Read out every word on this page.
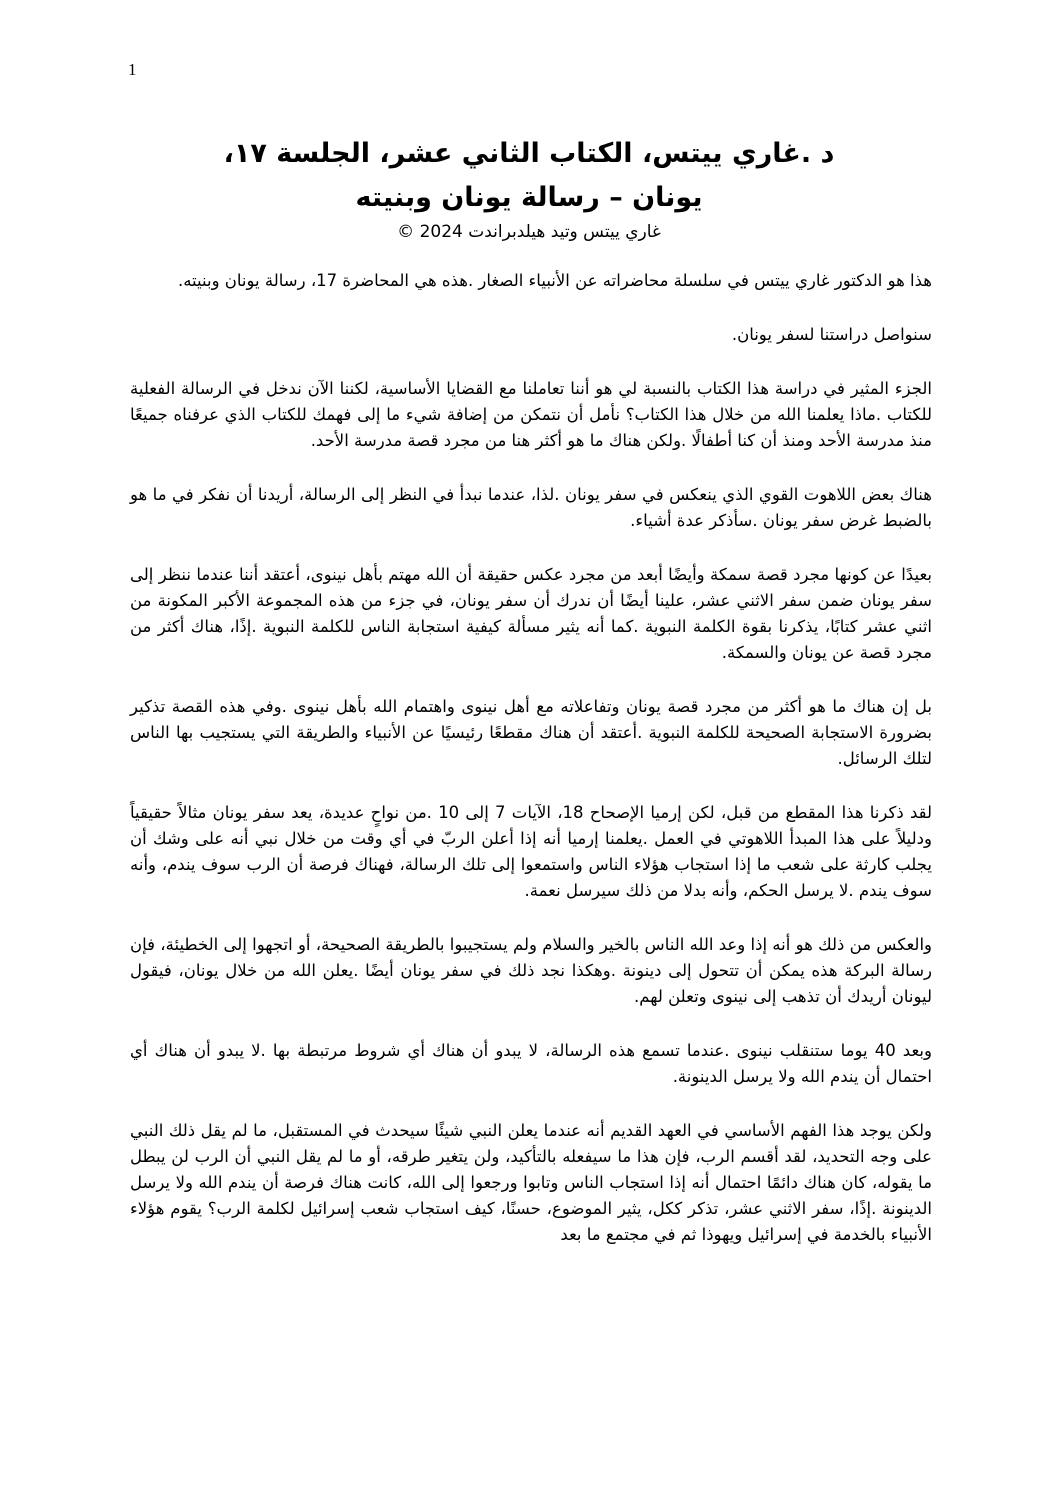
1
د .غاري ييتس، الكتاب الثاني عشر، الجلسة ١٧،
يونان – رسالة يونان وبنيته
غاري ييتس وتيد هيلدبراندت 2024 ©

هذا هو الدكتور غاري ييتس في سلسلة محاضراته عن الأنبياء الصغار .هذه هي المحاضرة 17، رسالة يونان وبنيته.

سنواصل دراستنا لسفر يونان.

الجزء المثير في دراسة هذا الكتاب بالنسبة لي هو أننا تعاملنا مع القضايا الأساسية، لكننا الآن ندخل في الرسالة الفعلية للكتاب .ماذا يعلمنا الله من خلال هذا الكتاب؟ نأمل أن نتمكن من إضافة شيء ما إلى فهمك للكتاب الذي عرفناه جميعًا منذ مدرسة الأحد ومنذ أن كنا أطفالًا .ولكن هناك ما هو أكثر هنا من مجرد قصة مدرسة الأحد.

هناك بعض اللاهوت القوي الذي ينعكس في سفر يونان .لذا، عندما نبدأ في النظر إلى الرسالة، أريدنا أن نفكر في ما هو بالضبط غرض سفر يونان .سأذكر عدة أشياء.

بعيدًا عن كونها مجرد قصة سمكة وأيضًا أبعد من مجرد عكس حقيقة أن الله مهتم بأهل نينوى، أعتقد أننا عندما ننظر إلى سفر يونان ضمن سفر الاثني عشر، علينا أيضًا أن ندرك أن سفر يونان، في جزء من هذه المجموعة الأكبر المكونة من اثني عشر كتابًا، يذكرنا بقوة الكلمة النبوية .كما أنه يثير مسألة كيفية استجابة الناس للكلمة النبوية .إذًا، هناك أكثر من مجرد قصة عن يونان والسمكة.

بل إن هناك ما هو أكثر من مجرد قصة يونان وتفاعلاته مع أهل نينوى واهتمام الله بأهل نينوى .وفي هذه القصة تذكير بضرورة الاستجابة الصحيحة للكلمة النبوية .أعتقد أن هناك مقطعًا رئيسيًا عن الأنبياء والطريقة التي يستجيب بها الناس لتلك الرسائل.

لقد ذكرنا هذا المقطع من قبل، لكن إرميا الإصحاح 18، الآيات 7 إلى 10 .من نواحٍ عديدة، يعد سفر يونان مثالاً حقيقياً ودليلاً على هذا المبدأ اللاهوتي في العمل .يعلمنا إرميا أنه إذا أعلن الربّ في أي وقت من خلال نبي أنه على وشك أن يجلب كارثة على شعب ما إذا استجاب هؤلاء الناس واستمعوا إلى تلك الرسالة، فهناك فرصة أن الرب سوف يندم، وأنه سوف يندم .لا يرسل الحكم، وأنه بدلا من ذلك سيرسل نعمة.

والعكس من ذلك هو أنه إذا وعد الله الناس بالخير والسلام ولم يستجيبوا بالطريقة الصحيحة، أو اتجهوا إلى الخطيئة، فإن رسالة البركة هذه يمكن أن تتحول إلى دينونة .وهكذا نجد ذلك في سفر يونان أيضًا .يعلن الله من خلال يونان، فيقول ليونان أريدك أن تذهب إلى نينوى وتعلن لهم.

وبعد 40 يوما ستنقلب نينوى .عندما تسمع هذه الرسالة، لا يبدو أن هناك أي شروط مرتبطة بها .لا يبدو أن هناك أي احتمال أن يندم الله ولا يرسل الدينونة.

ولكن يوجد هذا الفهم الأساسي في العهد القديم أنه عندما يعلن النبي شيئًا سيحدث في المستقبل، ما لم يقل ذلك النبي على وجه التحديد، لقد أقسم الرب، فإن هذا ما سيفعله بالتأكيد، ولن يتغير طرقه، أو ما لم يقل النبي أن الرب لن يبطل ما يقوله، كان هناك دائمًا احتمال أنه إذا استجاب الناس وتابوا ورجعوا إلى الله، كانت هناك فرصة أن يندم الله ولا يرسل الدينونة .إذًا، سفر الاثني عشر، تذكر ككل، يثير الموضوع، حسنًا، كيف استجاب شعب إسرائيل لكلمة الرب؟ يقوم هؤلاء الأنبياء بالخدمة في إسرائيل ويهوذا ثم في مجتمع ما بعد
